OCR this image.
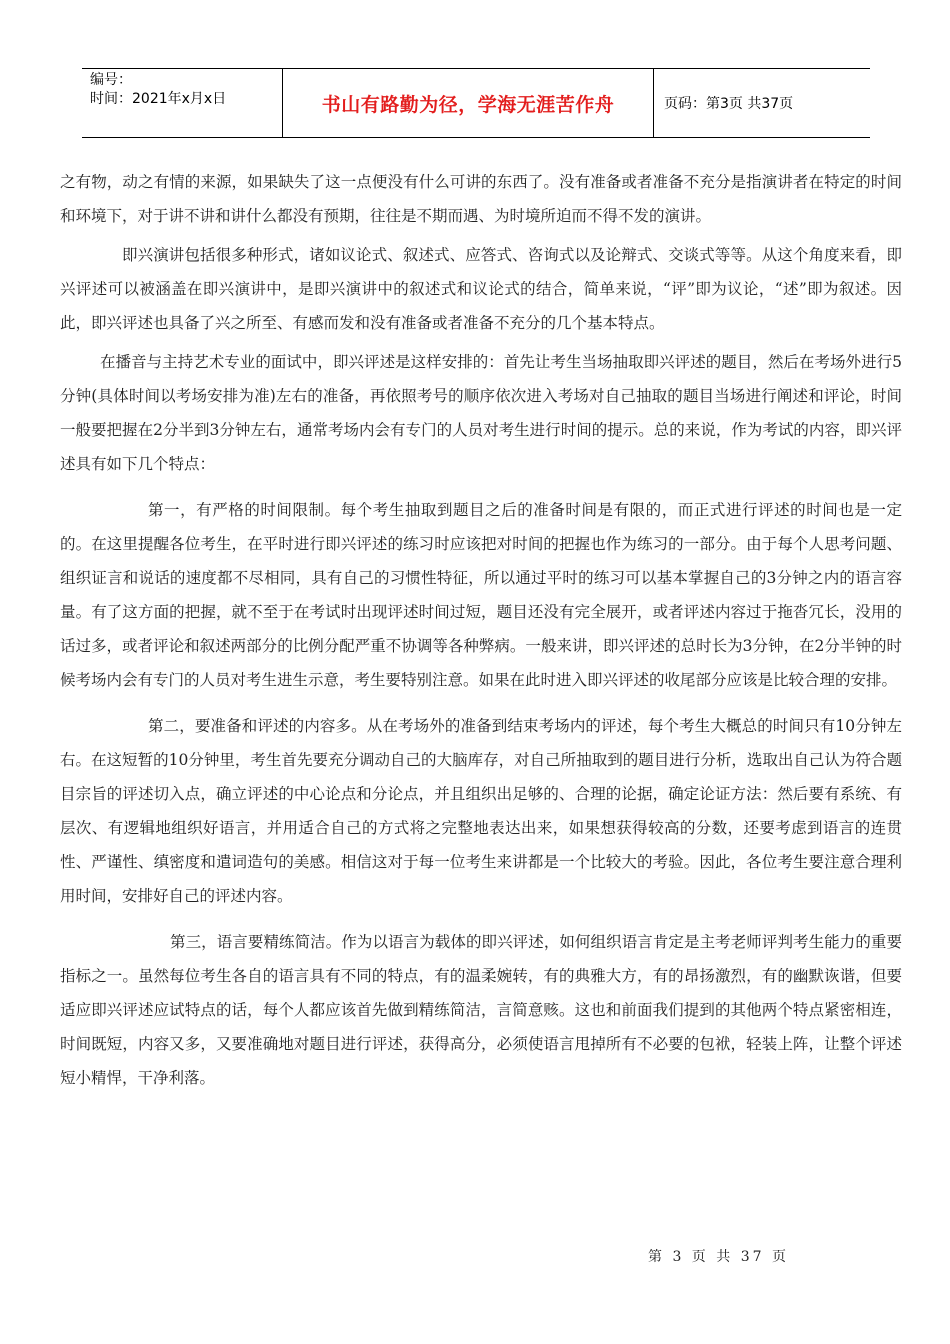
编号：
时间：2021年x月x日	书山有路勤为径，学海无涯苦作舟	页码：第3页 共37页

之有物，动之有情的来源，如果缺失了这一点便没有什么可讲的东西了。没有准备或者准备不充分是指演讲者在特定的时间和环境下，对于讲不讲和讲什么都没有预期，往往是不期而遇、为时境所迫而不得不发的演讲。

即兴演讲包括很多种形式，诸如议论式、叙述式、应答式、咨询式以及论辩式、交谈式等等。从这个角度来看，即兴评述可以被涵盖在即兴演讲中，是即兴演讲中的叙述式和议论式的结合，简单来说，“评”即为议论，“述”即为叙述。因此，即兴评述也具备了兴之所至、有感而发和没有准备或者准备不充分的几个基本特点。

在播音与主持艺术专业的面试中，即兴评述是这样安排的：首先让考生当场抽取即兴评述的题目，然后在考场外进行5分钟(具体时间以考场安排为准)左右的准备，再依照考号的顺序依次进入考场对自己抽取的题目当场进行阐述和评论，时间一般要把握在2分半到3分钟左右，通常考场内会有专门的人员对考生进行时间的提示。总的来说，作为考试的内容，即兴评述具有如下几个特点：

第一，有严格的时间限制。每个考生抽取到题目之后的准备时间是有限的，而正式进行评述的时间也是一定的。在这里提醒各位考生，在平时进行即兴评述的练习时应该把对时间的把握也作为练习的一部分。由于每个人思考问题、组织证言和说话的速度都不尽相同，具有自己的习惯性特征，所以通过平时的练习可以基本掌握自己的3分钟之内的语言容量。有了这方面的把握，就不至于在考试时出现评述时间过短，题目还没有完全展开，或者评述内容过于拖沓冗长，没用的话过多，或者评论和叙述两部分的比例分配严重不协调等各种弊病。一般来讲，即兴评述的总时长为3分钟，在2分半钟的时候考场内会有专门的人员对考生进生示意，考生要特别注意。如果在此时进入即兴评述的收尾部分应该是比较合理的安排。

第二，要准备和评述的内容多。从在考场外的准备到结束考场内的评述，每个考生大概总的时间只有10分钟左右。在这短暂的10分钟里，考生首先要充分调动自己的大脑库存，对自己所抽取到的题目进行分析，选取出自己认为符合题目宗旨的评述切入点，确立评述的中心论点和分论点，并且组织出足够的、合理的论据，确定论证方法：然后要有系统、有层次、有逻辑地组织好语言，并用适合自己的方式将之完整地表达出来，如果想获得较高的分数，还要考虑到语言的连贯性、严谨性、缜密度和遣词造句的美感。相信这对于每一位考生来讲都是一个比较大的考验。因此，各位考生要注意合理利用时间，安排好自己的评述内容。

第三，语言要精练简洁。作为以语言为载体的即兴评述，如何组织语言肯定是主考老师评判考生能力的重要指标之一。虽然每位考生各自的语言具有不同的特点，有的温柔婉转，有的典雅大方，有的昂扬激烈，有的幽默诙谐，但要适应即兴评述应试特点的话，每个人都应该首先做到精练简洁，言简意赅。这也和前面我们提到的其他两个特点紧密相连，时间既短，内容又多，又要准确地对题目进行评述，获得高分，必须使语言甩掉所有不必要的包袱，轻装上阵，让整个评述短小精悍，干净利落。

第 3 页 共 37 页
